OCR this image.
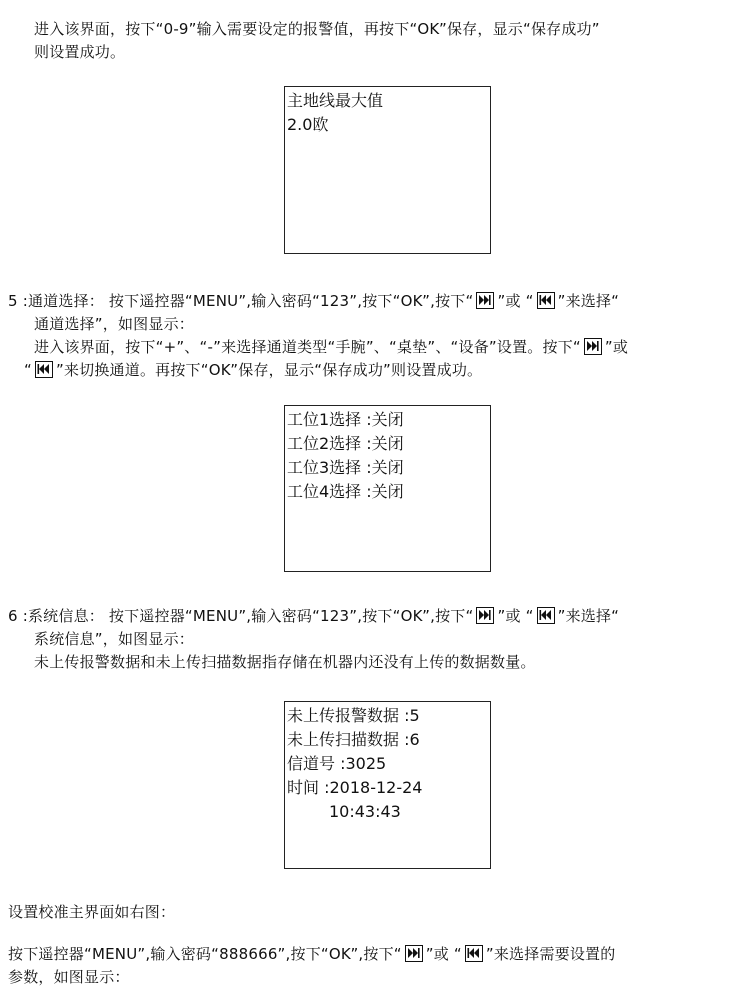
进入该界面，按下“0-9”输入需要设定的报警值，再按下“OK”保存，显示“保存成功”
则设置成功。
主地线最大值
2.0欧
5 :通道选择： 按下遥控器“MENU”,输入密码“123”,按下“OK”,按下“ ”或 “ ”来选择“
通道选择”，如图显示：
进入该界面，按下“+”、“-”来选择通道类型“手腕”、“桌垫”、“设备”设置。按下“ ”或
“ ”来切换通道。再按下“OK”保存，显示“保存成功”则设置成功。
工位1选择 :关闭
工位2选择 :关闭
工位3选择 :关闭
工位4选择 :关闭
6 :系统信息： 按下遥控器“MENU”,输入密码“123”,按下“OK”,按下“ ”或 “ ”来选择“
系统信息”，如图显示：
未上传报警数据和未上传扫描数据指存储在机器内还没有上传的数据数量。
未上传报警数据 :5
未上传扫描数据 :6
信道号 :3025
时间 :2018-12-24
10:43:43
设置校准主界面如右图：
按下遥控器“MENU”,输入密码“888666”,按下“OK”,按下“ ”或 “ ”来选择需要设置的
参数，如图显示：
